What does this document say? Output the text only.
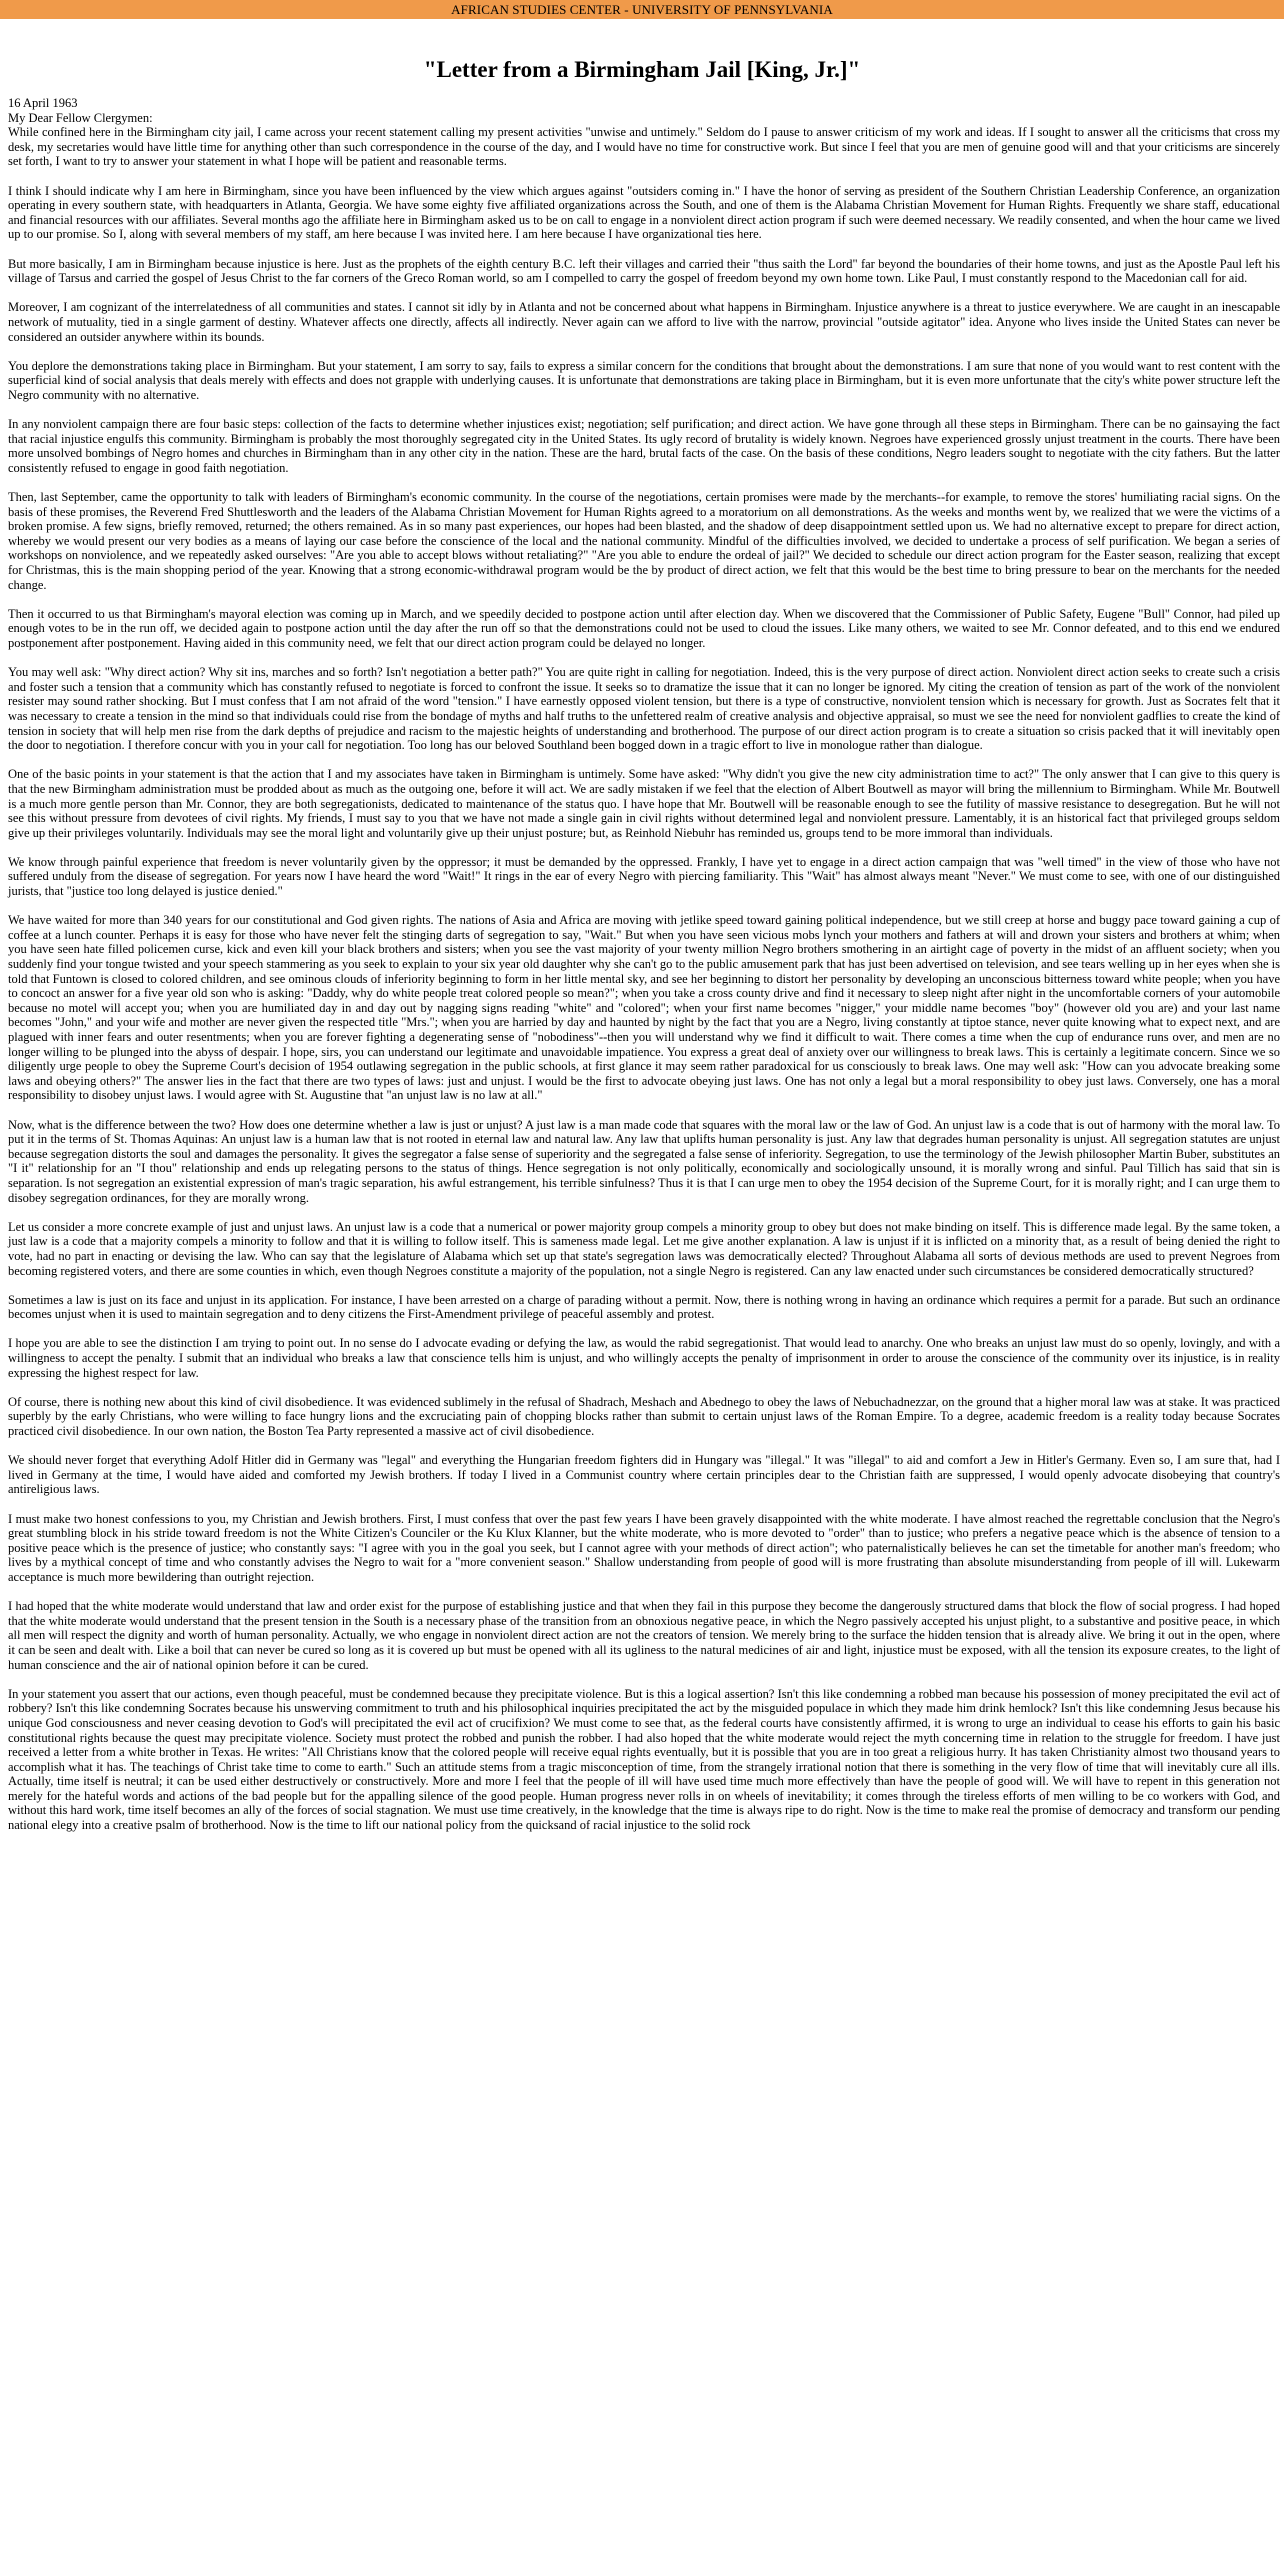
AFRICAN STUDIES CENTER - UNIVERSITY OF PENNSYLVANIA
"Letter from a Birmingham Jail [King, Jr.]"
16 April 1963
My Dear Fellow Clergymen:

While confined here in the Birmingham city jail, I came across your recent statement calling my present activities "unwise and untimely." Seldom do I pause to answer criticism of my work and ideas. If I sought to answer all the criticisms that cross my desk, my secretaries would have little time for anything other than such correspondence in the course of the day, and I would have no time for constructive work. But since I feel that you are men of genuine good will and that your criticisms are sincerely set forth, I want to try to answer your statement in what I hope will be patient and reasonable terms.

I think I should indicate why I am here in Birmingham, since you have been influenced by the view which argues against "outsiders coming in." I have the honor of serving as president of the Southern Christian Leadership Conference, an organization operating in every southern state, with headquarters in Atlanta, Georgia. We have some eighty five affiliated organizations across the South, and one of them is the Alabama Christian Movement for Human Rights. Frequently we share staff, educational and financial resources with our affiliates. Several months ago the affiliate here in Birmingham asked us to be on call to engage in a nonviolent direct action program if such were deemed necessary. We readily consented, and when the hour came we lived up to our promise. So I, along with several members of my staff, am here because I was invited here. I am here because I have organizational ties here.

But more basically, I am in Birmingham because injustice is here. Just as the prophets of the eighth century B.C. left their villages and carried their "thus saith the Lord" far beyond the boundaries of their home towns, and just as the Apostle Paul left his village of Tarsus and carried the gospel of Jesus Christ to the far corners of the Greco Roman world, so am I compelled to carry the gospel of freedom beyond my own home town. Like Paul, I must constantly respond to the Macedonian call for aid.

Moreover, I am cognizant of the interrelatedness of all communities and states. I cannot sit idly by in Atlanta and not be concerned about what happens in Birmingham. Injustice anywhere is a threat to justice everywhere. We are caught in an inescapable network of mutuality, tied in a single garment of destiny. Whatever affects one directly, affects all indirectly. Never again can we afford to live with the narrow, provincial "outside agitator" idea. Anyone who lives inside the United States can never be considered an outsider anywhere within its bounds.

You deplore the demonstrations taking place in Birmingham. But your statement, I am sorry to say, fails to express a similar concern for the conditions that brought about the demonstrations. I am sure that none of you would want to rest content with the superficial kind of social analysis that deals merely with effects and does not grapple with underlying causes. It is unfortunate that demonstrations are taking place in Birmingham, but it is even more unfortunate that the city's white power structure left the Negro community with no alternative.

In any nonviolent campaign there are four basic steps: collection of the facts to determine whether injustices exist; negotiation; self purification; and direct action. We have gone through all these steps in Birmingham. There can be no gainsaying the fact that racial injustice engulfs this community. Birmingham is probably the most thoroughly segregated city in the United States. Its ugly record of brutality is widely known. Negroes have experienced grossly unjust treatment in the courts. There have been more unsolved bombings of Negro homes and churches in Birmingham than in any other city in the nation. These are the hard, brutal facts of the case. On the basis of these conditions, Negro leaders sought to negotiate with the city fathers. But the latter consistently refused to engage in good faith negotiation.

Then, last September, came the opportunity to talk with leaders of Birmingham's economic community. In the course of the negotiations, certain promises were made by the merchants--for example, to remove the stores' humiliating racial signs. On the basis of these promises, the Reverend Fred Shuttlesworth and the leaders of the Alabama Christian Movement for Human Rights agreed to a moratorium on all demonstrations. As the weeks and months went by, we realized that we were the victims of a broken promise. A few signs, briefly removed, returned; the others remained. As in so many past experiences, our hopes had been blasted, and the shadow of deep disappointment settled upon us. We had no alternative except to prepare for direct action, whereby we would present our very bodies as a means of laying our case before the conscience of the local and the national community. Mindful of the difficulties involved, we decided to undertake a process of self purification. We began a series of workshops on nonviolence, and we repeatedly asked ourselves: "Are you able to accept blows without retaliating?" "Are you able to endure the ordeal of jail?" We decided to schedule our direct action program for the Easter season, realizing that except for Christmas, this is the main shopping period of the year. Knowing that a strong economic-withdrawal program would be the by product of direct action, we felt that this would be the best time to bring pressure to bear on the merchants for the needed change.

Then it occurred to us that Birmingham's mayoral election was coming up in March, and we speedily decided to postpone action until after election day. When we discovered that the Commissioner of Public Safety, Eugene "Bull" Connor, had piled up enough votes to be in the run off, we decided again to postpone action until the day after the run off so that the demonstrations could not be used to cloud the issues. Like many others, we waited to see Mr. Connor defeated, and to this end we endured postponement after postponement. Having aided in this community need, we felt that our direct action program could be delayed no longer.

You may well ask: "Why direct action? Why sit ins, marches and so forth? Isn't negotiation a better path?" You are quite right in calling for negotiation. Indeed, this is the very purpose of direct action. Nonviolent direct action seeks to create such a crisis and foster such a tension that a community which has constantly refused to negotiate is forced to confront the issue. It seeks so to dramatize the issue that it can no longer be ignored. My citing the creation of tension as part of the work of the nonviolent resister may sound rather shocking. But I must confess that I am not afraid of the word "tension." I have earnestly opposed violent tension, but there is a type of constructive, nonviolent tension which is necessary for growth. Just as Socrates felt that it was necessary to create a tension in the mind so that individuals could rise from the bondage of myths and half truths to the unfettered realm of creative analysis and objective appraisal, so must we see the need for nonviolent gadflies to create the kind of tension in society that will help men rise from the dark depths of prejudice and racism to the majestic heights of understanding and brotherhood. The purpose of our direct action program is to create a situation so crisis packed that it will inevitably open the door to negotiation. I therefore concur with you in your call for negotiation. Too long has our beloved Southland been bogged down in a tragic effort to live in monologue rather than dialogue.

One of the basic points in your statement is that the action that I and my associates have taken in Birmingham is untimely. Some have asked: "Why didn't you give the new city administration time to act?" The only answer that I can give to this query is that the new Birmingham administration must be prodded about as much as the outgoing one, before it will act. We are sadly mistaken if we feel that the election of Albert Boutwell as mayor will bring the millennium to Birmingham. While Mr. Boutwell is a much more gentle person than Mr. Connor, they are both segregationists, dedicated to maintenance of the status quo. I have hope that Mr. Boutwell will be reasonable enough to see the futility of massive resistance to desegregation. But he will not see this without pressure from devotees of civil rights. My friends, I must say to you that we have not made a single gain in civil rights without determined legal and nonviolent pressure. Lamentably, it is an historical fact that privileged groups seldom give up their privileges voluntarily. Individuals may see the moral light and voluntarily give up their unjust posture; but, as Reinhold Niebuhr has reminded us, groups tend to be more immoral than individuals.

We know through painful experience that freedom is never voluntarily given by the oppressor; it must be demanded by the oppressed. Frankly, I have yet to engage in a direct action campaign that was "well timed" in the view of those who have not suffered unduly from the disease of segregation. For years now I have heard the word "Wait!" It rings in the ear of every Negro with piercing familiarity. This "Wait" has almost always meant "Never." We must come to see, with one of our distinguished jurists, that "justice too long delayed is justice denied."

We have waited for more than 340 years for our constitutional and God given rights. The nations of Asia and Africa are moving with jetlike speed toward gaining political independence, but we still creep at horse and buggy pace toward gaining a cup of coffee at a lunch counter. Perhaps it is easy for those who have never felt the stinging darts of segregation to say, "Wait." But when you have seen vicious mobs lynch your mothers and fathers at will and drown your sisters and brothers at whim; when you have seen hate filled policemen curse, kick and even kill your black brothers and sisters; when you see the vast majority of your twenty million Negro brothers smothering in an airtight cage of poverty in the midst of an affluent society; when you suddenly find your tongue twisted and your speech stammering as you seek to explain to your six year old daughter why she can't go to the public amusement park that has just been advertised on television, and see tears welling up in her eyes when she is told that Funtown is closed to colored children, and see ominous clouds of inferiority beginning to form in her little mental sky, and see her beginning to distort her personality by developing an unconscious bitterness toward white people; when you have to concoct an answer for a five year old son who is asking: "Daddy, why do white people treat colored people so mean?"; when you take a cross county drive and find it necessary to sleep night after night in the uncomfortable corners of your automobile because no motel will accept you; when you are humiliated day in and day out by nagging signs reading "white" and "colored"; when your first name becomes "nigger," your middle name becomes "boy" (however old you are) and your last name becomes "John," and your wife and mother are never given the respected title "Mrs."; when you are harried by day and haunted by night by the fact that you are a Negro, living constantly at tiptoe stance, never quite knowing what to expect next, and are plagued with inner fears and outer resentments; when you are forever fighting a degenerating sense of "nobodiness"--then you will understand why we find it difficult to wait. There comes a time when the cup of endurance runs over, and men are no longer willing to be plunged into the abyss of despair. I hope, sirs, you can understand our legitimate and unavoidable impatience. You express a great deal of anxiety over our willingness to break laws. This is certainly a legitimate concern. Since we so diligently urge people to obey the Supreme Court's decision of 1954 outlawing segregation in the public schools, at first glance it may seem rather paradoxical for us consciously to break laws. One may well ask: "How can you advocate breaking some laws and obeying others?" The answer lies in the fact that there are two types of laws: just and unjust. I would be the first to advocate obeying just laws. One has not only a legal but a moral responsibility to obey just laws. Conversely, one has a moral responsibility to disobey unjust laws. I would agree with St. Augustine that "an unjust law is no law at all."

Now, what is the difference between the two? How does one determine whether a law is just or unjust? A just law is a man made code that squares with the moral law or the law of God. An unjust law is a code that is out of harmony with the moral law. To put it in the terms of St. Thomas Aquinas: An unjust law is a human law that is not rooted in eternal law and natural law. Any law that uplifts human personality is just. Any law that degrades human personality is unjust. All segregation statutes are unjust because segregation distorts the soul and damages the personality. It gives the segregator a false sense of superiority and the segregated a false sense of inferiority. Segregation, to use the terminology of the Jewish philosopher Martin Buber, substitutes an "I it" relationship for an "I thou" relationship and ends up relegating persons to the status of things. Hence segregation is not only politically, economically and sociologically unsound, it is morally wrong and sinful. Paul Tillich has said that sin is separation. Is not segregation an existential expression of man's tragic separation, his awful estrangement, his terrible sinfulness? Thus it is that I can urge men to obey the 1954 decision of the Supreme Court, for it is morally right; and I can urge them to disobey segregation ordinances, for they are morally wrong.

Let us consider a more concrete example of just and unjust laws. An unjust law is a code that a numerical or power majority group compels a minority group to obey but does not make binding on itself. This is difference made legal. By the same token, a just law is a code that a majority compels a minority to follow and that it is willing to follow itself. This is sameness made legal. Let me give another explanation. A law is unjust if it is inflicted on a minority that, as a result of being denied the right to vote, had no part in enacting or devising the law. Who can say that the legislature of Alabama which set up that state's segregation laws was democratically elected? Throughout Alabama all sorts of devious methods are used to prevent Negroes from becoming registered voters, and there are some counties in which, even though Negroes constitute a majority of the population, not a single Negro is registered. Can any law enacted under such circumstances be considered democratically structured?

Sometimes a law is just on its face and unjust in its application. For instance, I have been arrested on a charge of parading without a permit. Now, there is nothing wrong in having an ordinance which requires a permit for a parade. But such an ordinance becomes unjust when it is used to maintain segregation and to deny citizens the First-Amendment privilege of peaceful assembly and protest.

I hope you are able to see the distinction I am trying to point out. In no sense do I advocate evading or defying the law, as would the rabid segregationist. That would lead to anarchy. One who breaks an unjust law must do so openly, lovingly, and with a willingness to accept the penalty. I submit that an individual who breaks a law that conscience tells him is unjust, and who willingly accepts the penalty of imprisonment in order to arouse the conscience of the community over its injustice, is in reality expressing the highest respect for law.

Of course, there is nothing new about this kind of civil disobedience. It was evidenced sublimely in the refusal of Shadrach, Meshach and Abednego to obey the laws of Nebuchadnezzar, on the ground that a higher moral law was at stake. It was practiced superbly by the early Christians, who were willing to face hungry lions and the excruciating pain of chopping blocks rather than submit to certain unjust laws of the Roman Empire. To a degree, academic freedom is a reality today because Socrates practiced civil disobedience. In our own nation, the Boston Tea Party represented a massive act of civil disobedience.

We should never forget that everything Adolf Hitler did in Germany was "legal" and everything the Hungarian freedom fighters did in Hungary was "illegal." It was "illegal" to aid and comfort a Jew in Hitler's Germany. Even so, I am sure that, had I lived in Germany at the time, I would have aided and comforted my Jewish brothers. If today I lived in a Communist country where certain principles dear to the Christian faith are suppressed, I would openly advocate disobeying that country's antireligious laws.

I must make two honest confessions to you, my Christian and Jewish brothers. First, I must confess that over the past few years I have been gravely disappointed with the white moderate. I have almost reached the regrettable conclusion that the Negro's great stumbling block in his stride toward freedom is not the White Citizen's Counciler or the Ku Klux Klanner, but the white moderate, who is more devoted to "order" than to justice; who prefers a negative peace which is the absence of tension to a positive peace which is the presence of justice; who constantly says: "I agree with you in the goal you seek, but I cannot agree with your methods of direct action"; who paternalistically believes he can set the timetable for another man's freedom; who lives by a mythical concept of time and who constantly advises the Negro to wait for a "more convenient season." Shallow understanding from people of good will is more frustrating than absolute misunderstanding from people of ill will. Lukewarm acceptance is much more bewildering than outright rejection.

I had hoped that the white moderate would understand that law and order exist for the purpose of establishing justice and that when they fail in this purpose they become the dangerously structured dams that block the flow of social progress. I had hoped that the white moderate would understand that the present tension in the South is a necessary phase of the transition from an obnoxious negative peace, in which the Negro passively accepted his unjust plight, to a substantive and positive peace, in which all men will respect the dignity and worth of human personality. Actually, we who engage in nonviolent direct action are not the creators of tension. We merely bring to the surface the hidden tension that is already alive. We bring it out in the open, where it can be seen and dealt with. Like a boil that can never be cured so long as it is covered up but must be opened with all its ugliness to the natural medicines of air and light, injustice must be exposed, with all the tension its exposure creates, to the light of human conscience and the air of national opinion before it can be cured.

In your statement you assert that our actions, even though peaceful, must be condemned because they precipitate violence. But is this a logical assertion? Isn't this like condemning a robbed man because his possession of money precipitated the evil act of robbery? Isn't this like condemning Socrates because his unswerving commitment to truth and his philosophical inquiries precipitated the act by the misguided populace in which they made him drink hemlock? Isn't this like condemning Jesus because his unique God consciousness and never ceasing devotion to God's will precipitated the evil act of crucifixion? We must come to see that, as the federal courts have consistently affirmed, it is wrong to urge an individual to cease his efforts to gain his basic constitutional rights because the quest may precipitate violence. Society must protect the robbed and punish the robber. I had also hoped that the white moderate would reject the myth concerning time in relation to the struggle for freedom. I have just received a letter from a white brother in Texas. He writes: "All Christians know that the colored people will receive equal rights eventually, but it is possible that you are in too great a religious hurry. It has taken Christianity almost two thousand years to accomplish what it has. The teachings of Christ take time to come to earth." Such an attitude stems from a tragic misconception of time, from the strangely irrational notion that there is something in the very flow of time that will inevitably cure all ills. Actually, time itself is neutral; it can be used either destructively or constructively. More and more I feel that the people of ill will have used time much more effectively than have the people of good will. We will have to repent in this generation not merely for the hateful words and actions of the bad people but for the appalling silence of the good people. Human progress never rolls in on wheels of inevitability; it comes through the tireless efforts of men willing to be co workers with God, and without this hard work, time itself becomes an ally of the forces of social stagnation. We must use time creatively, in the knowledge that the time is always ripe to do right. Now is the time to make real the promise of democracy and transform our pending national elegy into a creative psalm of brotherhood. Now is the time to lift our national policy from the quicksand of racial injustice to the solid rock
